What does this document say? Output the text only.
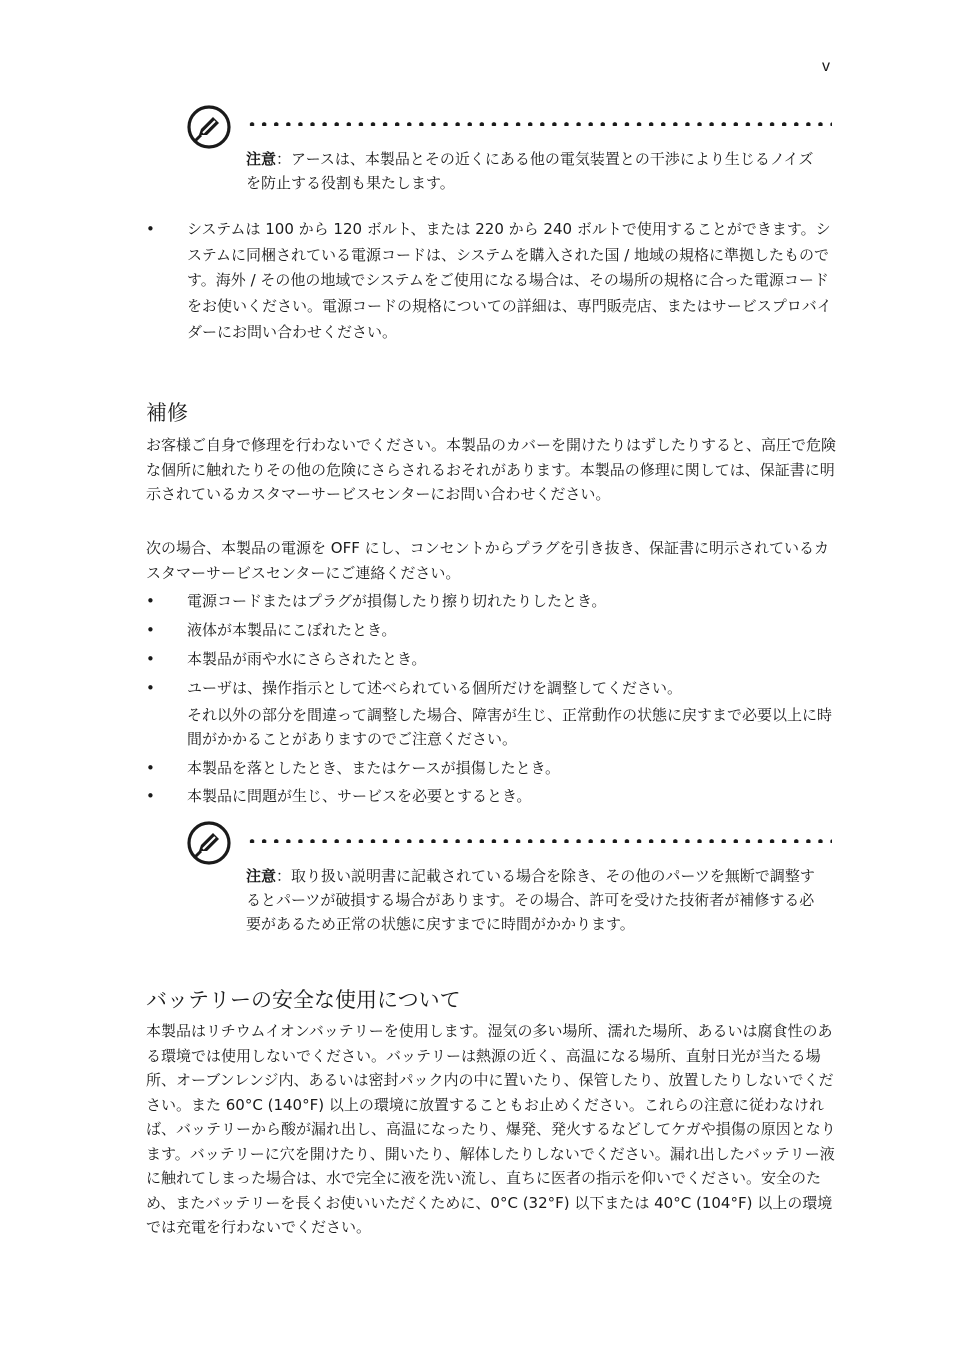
v
注意：アースは、本製品とその近くにある他の電気装置との干渉により生じるノイズを防止する役割も果たします。
• システムは 100 から 120 ボルト、または 220 から 240 ボルトで使用することができます。システムに同梱されている電源コードは、システムを購入された国 / 地域の規格に準拠したものです。海外 / その他の地域でシステムをご使用になる場合は、その場所の規格に合った電源コードをお使いください。電源コードの規格についての詳細は、専門販売店、またはサービスプロバイダーにお問い合わせください。
補修

お客様ご自身で修理を行わないでください。本製品のカバーを開けたりはずしたりすると、高圧で危険な個所に触れたりその他の危険にさらされるおそれがあります。本製品の修理に関しては、保証書に明示されているカスタマーサービスセンターにお問い合わせください。

次の場合、本製品の電源を OFF にし、コンセントからプラグを引き抜き、保証書に明示されているカスタマーサービスセンターにご連絡ください。

• 電源コードまたはプラグが損傷したり擦り切れたりしたとき。
• 液体が本製品にこぼれたとき。
• 本製品が雨や水にさらされたとき。
• ユーザは、操作指示として述べられている個所だけを調整してください。
それ以外の部分を間違って調整した場合、障害が生じ、正常動作の状態に戻すまで必要以上に時間がかかることがありますのでご注意ください。
• 本製品を落としたとき、またはケースが損傷したとき。
• 本製品に問題が生じ、サービスを必要とするとき。
注意：取り扱い説明書に記載されている場合を除き、その他のパーツを無断で調整するとパーツが破損する場合があります。その場合、許可を受けた技術者が補修する必要があるため正常の状態に戻すまでに時間がかかります。
バッテリーの安全な使用について

本製品はリチウムイオンバッテリーを使用します。湿気の多い場所、濡れた場所、あるいは腐食性のある環境では使用しないでください。バッテリーは熱源の近く、高温になる場所、直射日光が当たる場所、オーブンレンジ内、あるいは密封パック内の中に置いたり、保管したり、放置したりしないでください。また 60°C (140°F) 以上の環境に放置することもお止めください。これらの注意に従わなければ、バッテリーから酸が漏れ出し、高温になったり、爆発、発火するなどしてケガや損傷の原因となります。バッテリーに穴を開けたり、開いたり、解体したりしないでください。漏れ出したバッテリー液に触れてしまった場合は、水で完全に液を洗い流し、直ちに医者の指示を仰いでください。安全のため、またバッテリーを長くお使いいただくために、0°C (32°F) 以下または 40°C (104°F) 以上の環境では充電を行わないでください。
